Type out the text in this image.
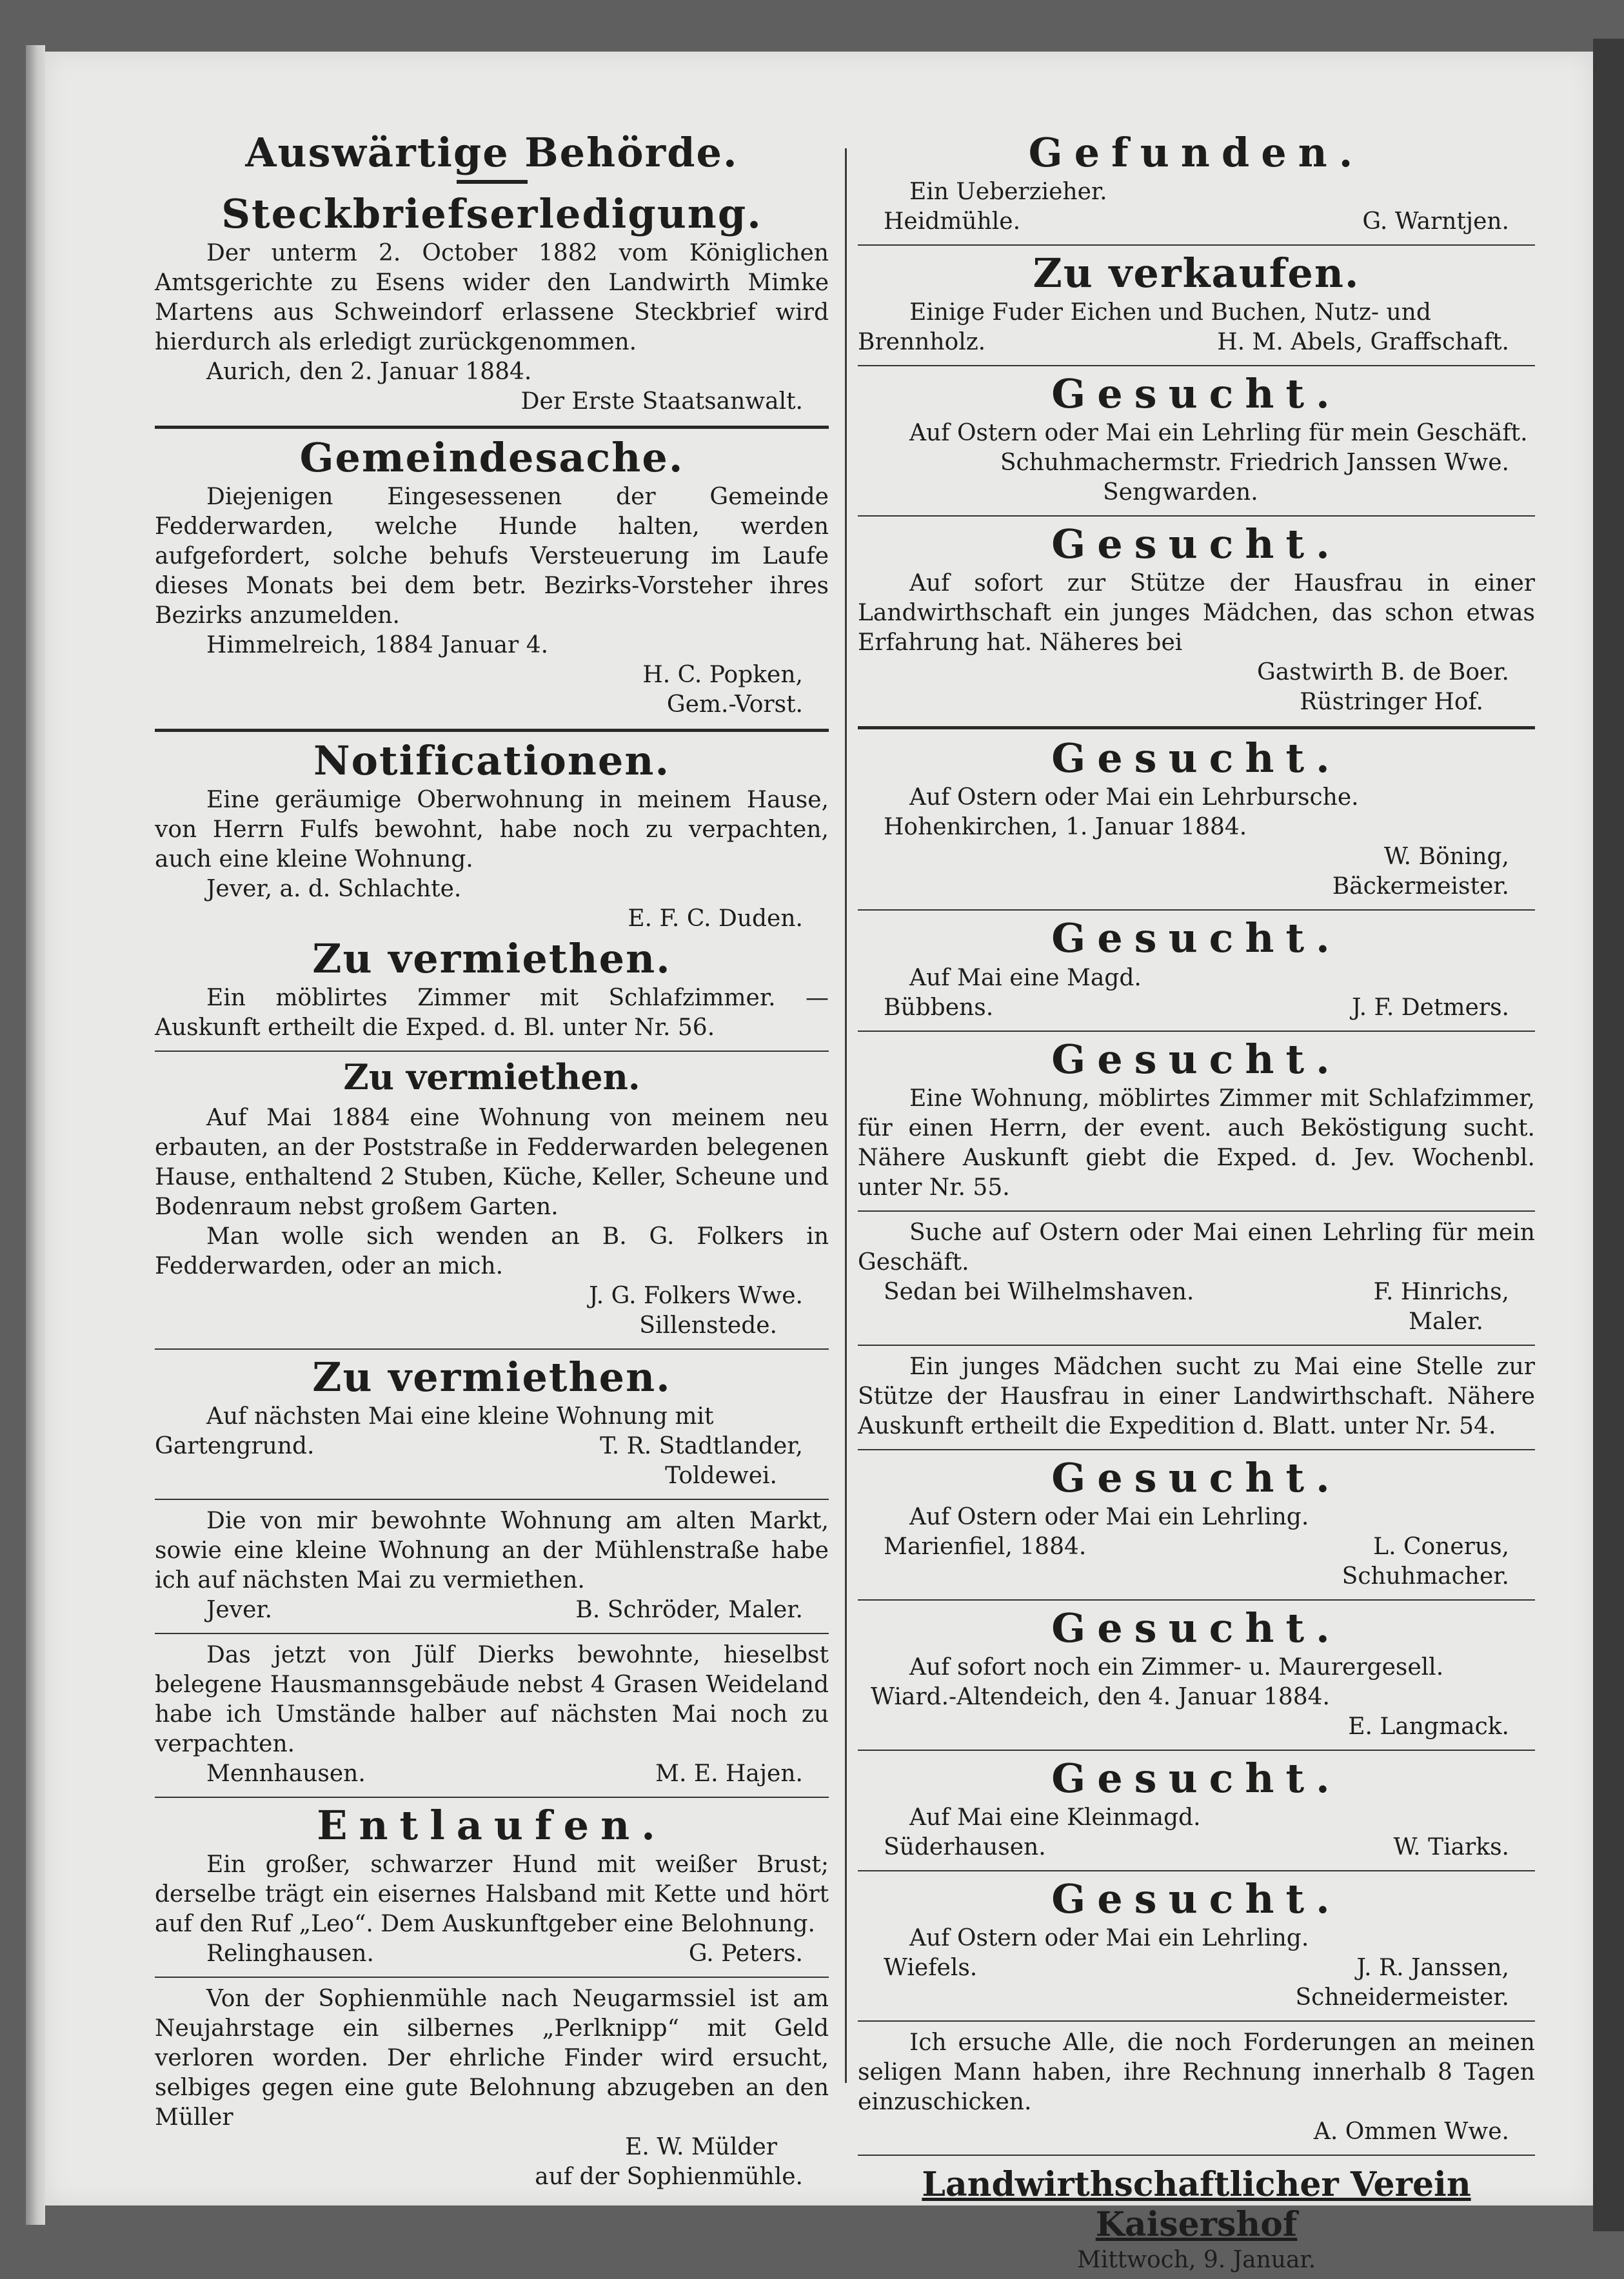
Auswärtige Behörde.
Steckbriefserledigung.

Der unterm 2. October 1882 vom Königlichen Amtsgerichte zu Esens wider den Landwirth Mimke Martens aus Schweindorf erlassene Steckbrief wird hierdurch als erledigt zurückgenommen.

Aurich, den 2. Januar 1884.

Der Erste Staatsanwalt.

Gemeindesache.

Diejenigen Eingesessenen der Gemeinde Fedderwarden, welche Hunde halten, werden aufgefordert, solche behufs Versteuerung im Laufe dieses Monats bei dem betr. Bezirks-Vorsteher ihres Bezirks anzumelden.

Himmelreich, 1884 Januar 4.

H. C. Popken,

Gem.-Vorst.

Notificationen.

Eine geräumige Oberwohnung in meinem Hause, von Herrn Fulfs bewohnt, habe noch zu verpachten, auch eine kleine Wohnung.

Jever, a. d. Schlachte.

E. F. C. Duden.

Zu vermiethen.

Ein möblirtes Zimmer mit Schlafzimmer. — Auskunft ertheilt die Exped. d. Bl. unter Nr. 56.

Zu vermiethen.

Auf Mai 1884 eine Wohnung von meinem neu erbauten, an der Poststraße in Fedderwarden belegenen Hause, enthaltend 2 Stuben, Küche, Keller, Scheune und Bodenraum nebst großem Garten.

Man wolle sich wenden an B. G. Folkers in Fedderwarden, oder an mich.

J. G. Folkers Wwe.

Sillenstede.

Zu vermiethen.

Auf nächsten Mai eine kleine Wohnung mit

Gartengrund.	T. R. Stadtlander,

Toldewei.

Die von mir bewohnte Wohnung am alten Markt, sowie eine kleine Wohnung an der Mühlenstraße habe ich auf nächsten Mai zu vermiethen.

Jever.	B. Schröder, Maler.

Das jetzt von Jülf Dierks bewohnte, hieselbst belegene Hausmannsgebäude nebst 4 Grasen Weideland habe ich Umstände halber auf nächsten Mai noch zu verpachten.

Mennhausen.	M. E. Hajen.
Entlaufen.

Ein großer, schwarzer Hund mit weißer Brust; derselbe trägt ein eisernes Halsband mit Kette und hört auf den Ruf „Leo“. Dem Auskunftgeber eine Belohnung.

Relinghausen.	G. Peters.

Von der Sophienmühle nach Neugarmssiel ist am Neujahrstage ein silbernes „Perlknipp“ mit Geld verloren worden. Der ehrliche Finder wird ersucht, selbiges gegen eine gute Belohnung abzugeben an den Müller

E. W. Mülder

auf der Sophienmühle.

Gefunden.

Ein Ueberzieher.

Heidmühle.	G. Warntjen.
Zu verkaufen.

Einige Fuder Eichen und Buchen, Nutz- und

Brennholz.	H. M. Abels, Graffschaft.
Gesucht.

Auf Ostern oder Mai ein Lehrling für mein Geschäft.

Schuhmachermstr. Friedrich Janssen Wwe.

Sengwarden.

Gesucht.

Auf sofort zur Stütze der Hausfrau in einer Landwirthschaft ein junges Mädchen, das schon etwas Erfahrung hat. Näheres bei

Gastwirth B. de Boer.

Rüstringer Hof.

Gesucht.

Auf Ostern oder Mai ein Lehrbursche.

Hohenkirchen, 1. Januar 1884.

W. Böning,

Bäckermeister.

Gesucht.

Auf Mai eine Magd.

Bübbens.	J. F. Detmers.
Gesucht.

Eine Wohnung, möblirtes Zimmer mit Schlafzimmer, für einen Herrn, der event. auch Beköstigung sucht. Nähere Auskunft giebt die Exped. d. Jev. Wochenbl. unter Nr. 55.

Suche auf Ostern oder Mai einen Lehrling für mein Geschäft.

Sedan bei Wilhelmshaven.	F. Hinrichs,

Maler.

Ein junges Mädchen sucht zu Mai eine Stelle zur Stütze der Hausfrau in einer Landwirthschaft. Nähere Auskunft ertheilt die Expedition d. Blatt. unter Nr. 54.

Gesucht.

Auf Ostern oder Mai ein Lehrling.

Marienfiel, 1884.	L. Conerus,

Schuhmacher.

Gesucht.

Auf sofort noch ein Zimmer- u. Maurergesell.

Wiard.-Altendeich, den 4. Januar 1884.

E. Langmack.

Gesucht.

Auf Mai eine Kleinmagd.

Süderhausen.	W. Tiarks.
Gesucht.

Auf Ostern oder Mai ein Lehrling.

Wiefels.	J. R. Janssen,

Schneidermeister.

Ich ersuche Alle, die noch Forderungen an meinen seligen Mann haben, ihre Rechnung innerhalb 8 Tagen einzuschicken.

A. Ommen Wwe.

Landwirthschaftlicher Verein Kaisershof
Mittwoch, 9. Januar.
